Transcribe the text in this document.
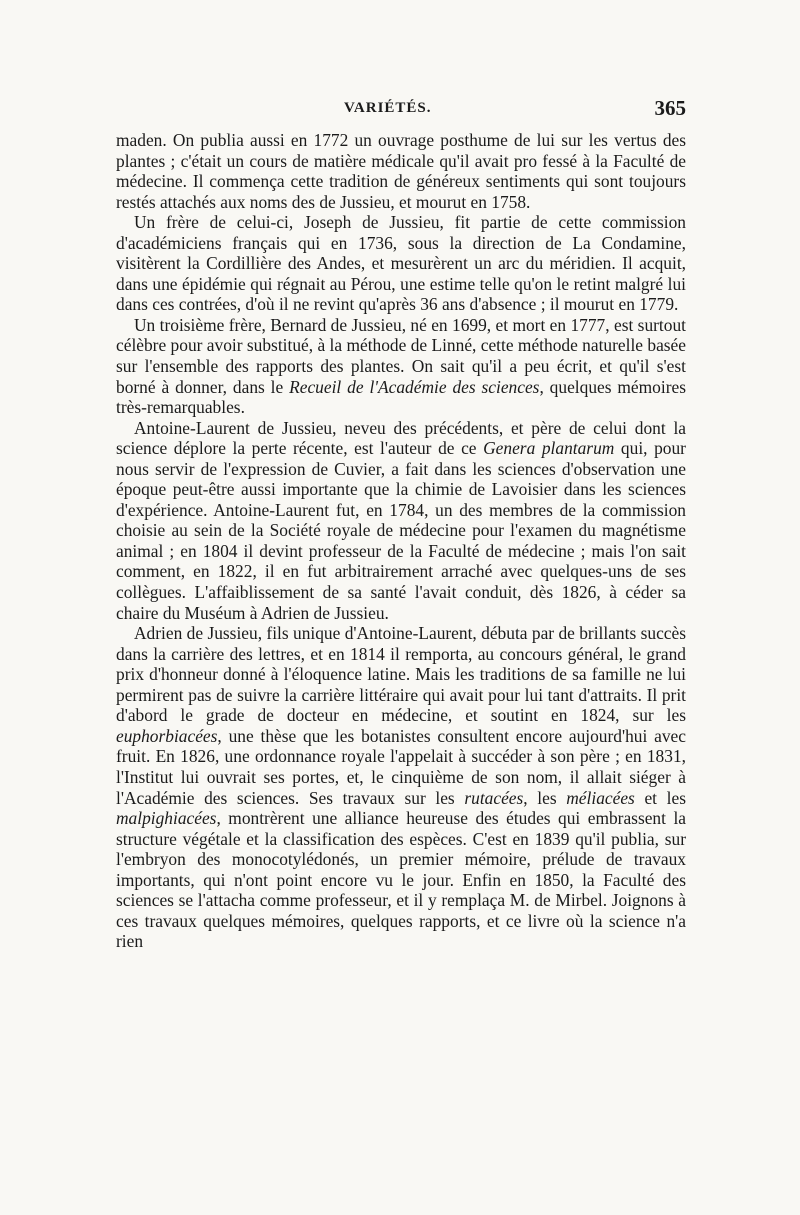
VARIÉTÉS.	365

maden. On publia aussi en 1772 un ouvrage posthume de lui sur les vertus des plantes ; c'était un cours de matière médicale qu'il avait pro fessé à la Faculté de médecine. Il commença cette tradition de généreux sentiments qui sont toujours restés attachés aux noms des de Jussieu, et mourut en 1758.

Un frère de celui-ci, Joseph de Jussieu, fit partie de cette commission d'académiciens français qui en 1736, sous la direction de La Condamine, visitèrent la Cordillière des Andes, et mesurèrent un arc du méridien. Il acquit, dans une épidémie qui régnait au Pérou, une estime telle qu'on le retint malgré lui dans ces contrées, d'où il ne revint qu'après 36 ans d'absence ; il mourut en 1779.

Un troisième frère, Bernard de Jussieu, né en 1699, et mort en 1777, est surtout célèbre pour avoir substitué, à la méthode de Linné, cette méthode naturelle basée sur l'ensemble des rapports des plantes. On sait qu'il a peu écrit, et qu'il s'est borné à donner, dans le Recueil de l'Académie des sciences, quelques mémoires très-remarquables.

Antoine-Laurent de Jussieu, neveu des précédents, et père de celui dont la science déplore la perte récente, est l'auteur de ce Genera plantarum qui, pour nous servir de l'expression de Cuvier, a fait dans les sciences d'observation une époque peut-être aussi importante que la chimie de Lavoisier dans les sciences d'expérience. Antoine-Laurent fut, en 1784, un des membres de la commission choisie au sein de la Société royale de médecine pour l'examen du magnétisme animal ; en 1804 il devint professeur de la Faculté de médecine ; mais l'on sait comment, en 1822, il en fut arbitrairement arraché avec quelques-uns de ses collègues. L'affaiblissement de sa santé l'avait conduit, dès 1826, à céder sa chaire du Muséum à Adrien de Jussieu.

Adrien de Jussieu, fils unique d'Antoine-Laurent, débuta par de brillants succès dans la carrière des lettres, et en 1814 il remporta, au concours général, le grand prix d'honneur donné à l'éloquence latine. Mais les traditions de sa famille ne lui permirent pas de suivre la carrière littéraire qui avait pour lui tant d'attraits. Il prit d'abord le grade de docteur en médecine, et soutint en 1824, sur les euphorbiacées, une thèse que les botanistes consultent encore aujourd'hui avec fruit. En 1826, une ordonnance royale l'appelait à succéder à son père ; en 1831, l'Institut lui ouvrait ses portes, et, le cinquième de son nom, il allait siéger à l'Académie des sciences. Ses travaux sur les rutacées, les méliacées et les malpighiacées, montrèrent une alliance heureuse des études qui embrassent la structure végétale et la classification des espèces. C'est en 1839 qu'il publia, sur l'embryon des monocotylédonés, un premier mémoire, prélude de travaux importants, qui n'ont point encore vu le jour. Enfin en 1850, la Faculté des sciences se l'attacha comme professeur, et il y remplaça M. de Mirbel. Joignons à ces travaux quelques mémoires, quelques rapports, et ce livre où la science n'a rien
